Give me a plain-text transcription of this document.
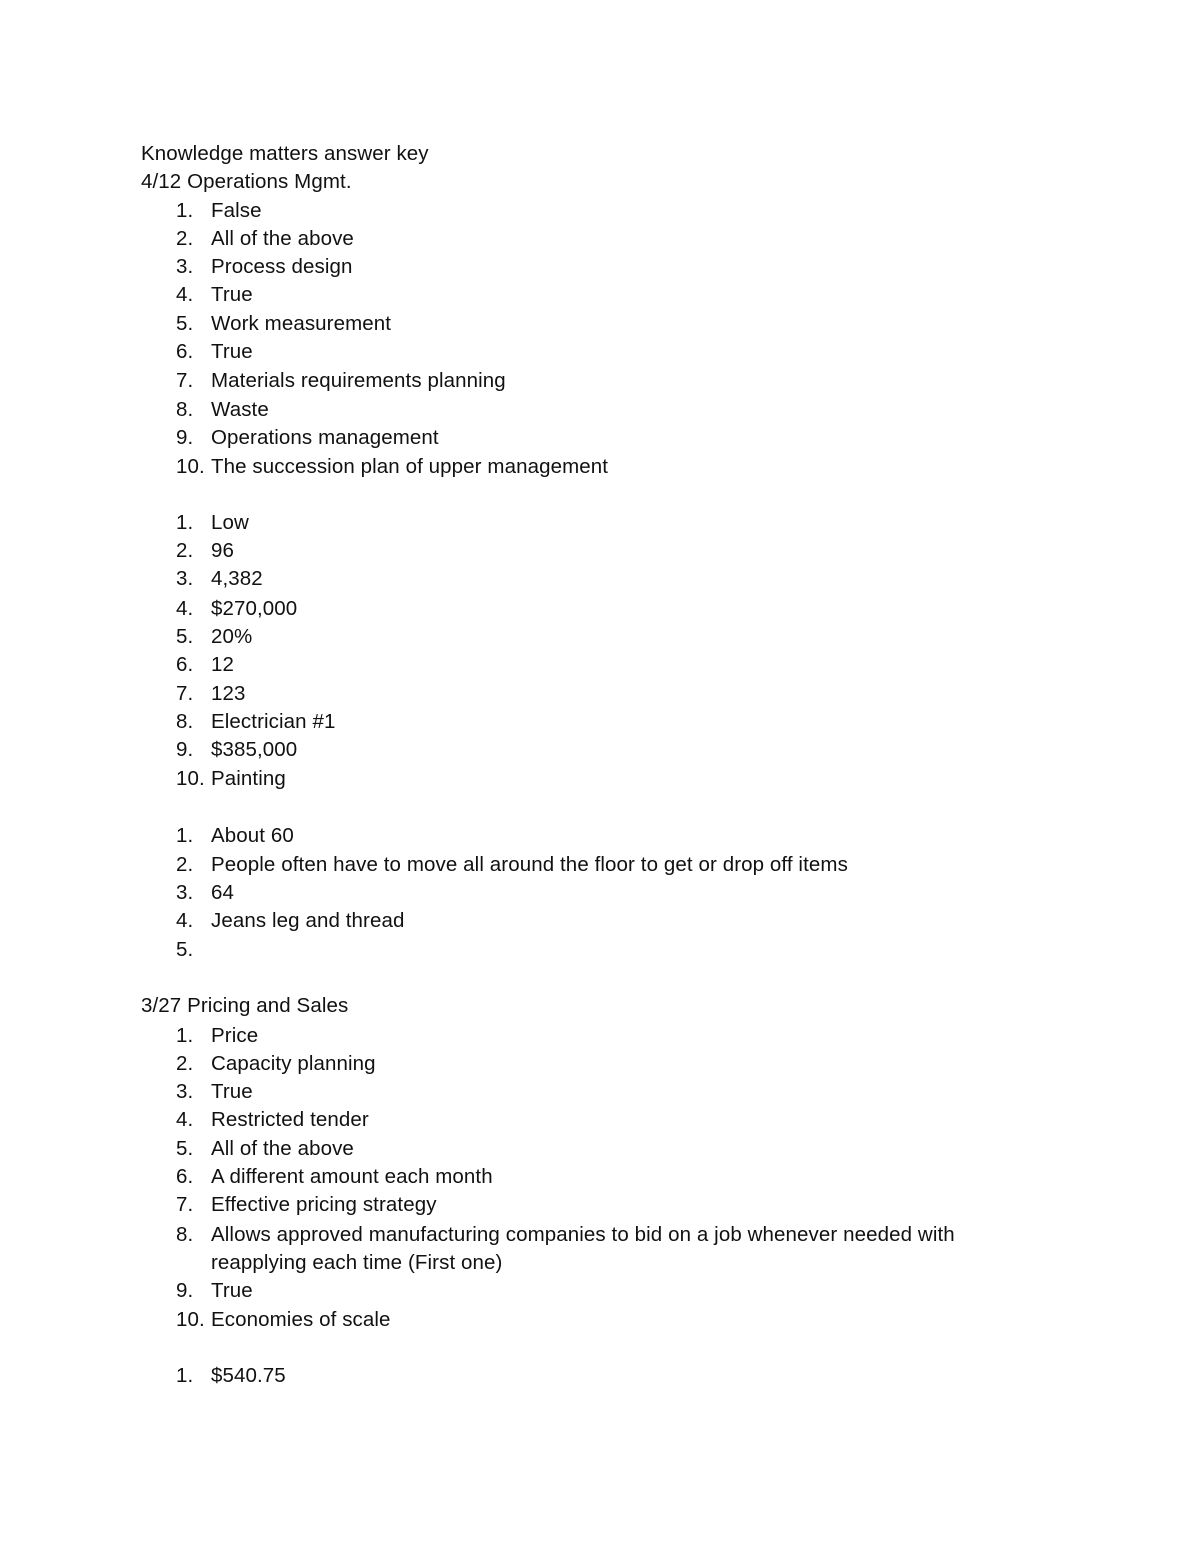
Knowledge matters answer key
4/12 Operations Mgmt.
1. False
2. All of the above
3. Process design
4. True
5. Work measurement
6. True
7. Materials requirements planning
8. Waste
9. Operations management
10. The succession plan of upper management
1. Low
2. 96
3. 4,382
4. $270,000
5. 20%
6. 12
7. 123
8. Electrician #1
9. $385,000
10. Painting
1. About 60
2. People often have to move all around the floor to get or drop off items
3. 64
4. Jeans leg and thread
5.
3/27 Pricing and Sales
1. Price
2. Capacity planning
3. True
4. Restricted tender
5. All of the above
6. A different amount each month
7. Effective pricing strategy
8. Allows approved manufacturing companies to bid on a job whenever needed with
reapplying each time (First one)
9. True
10. Economies of scale
1. $540.75
